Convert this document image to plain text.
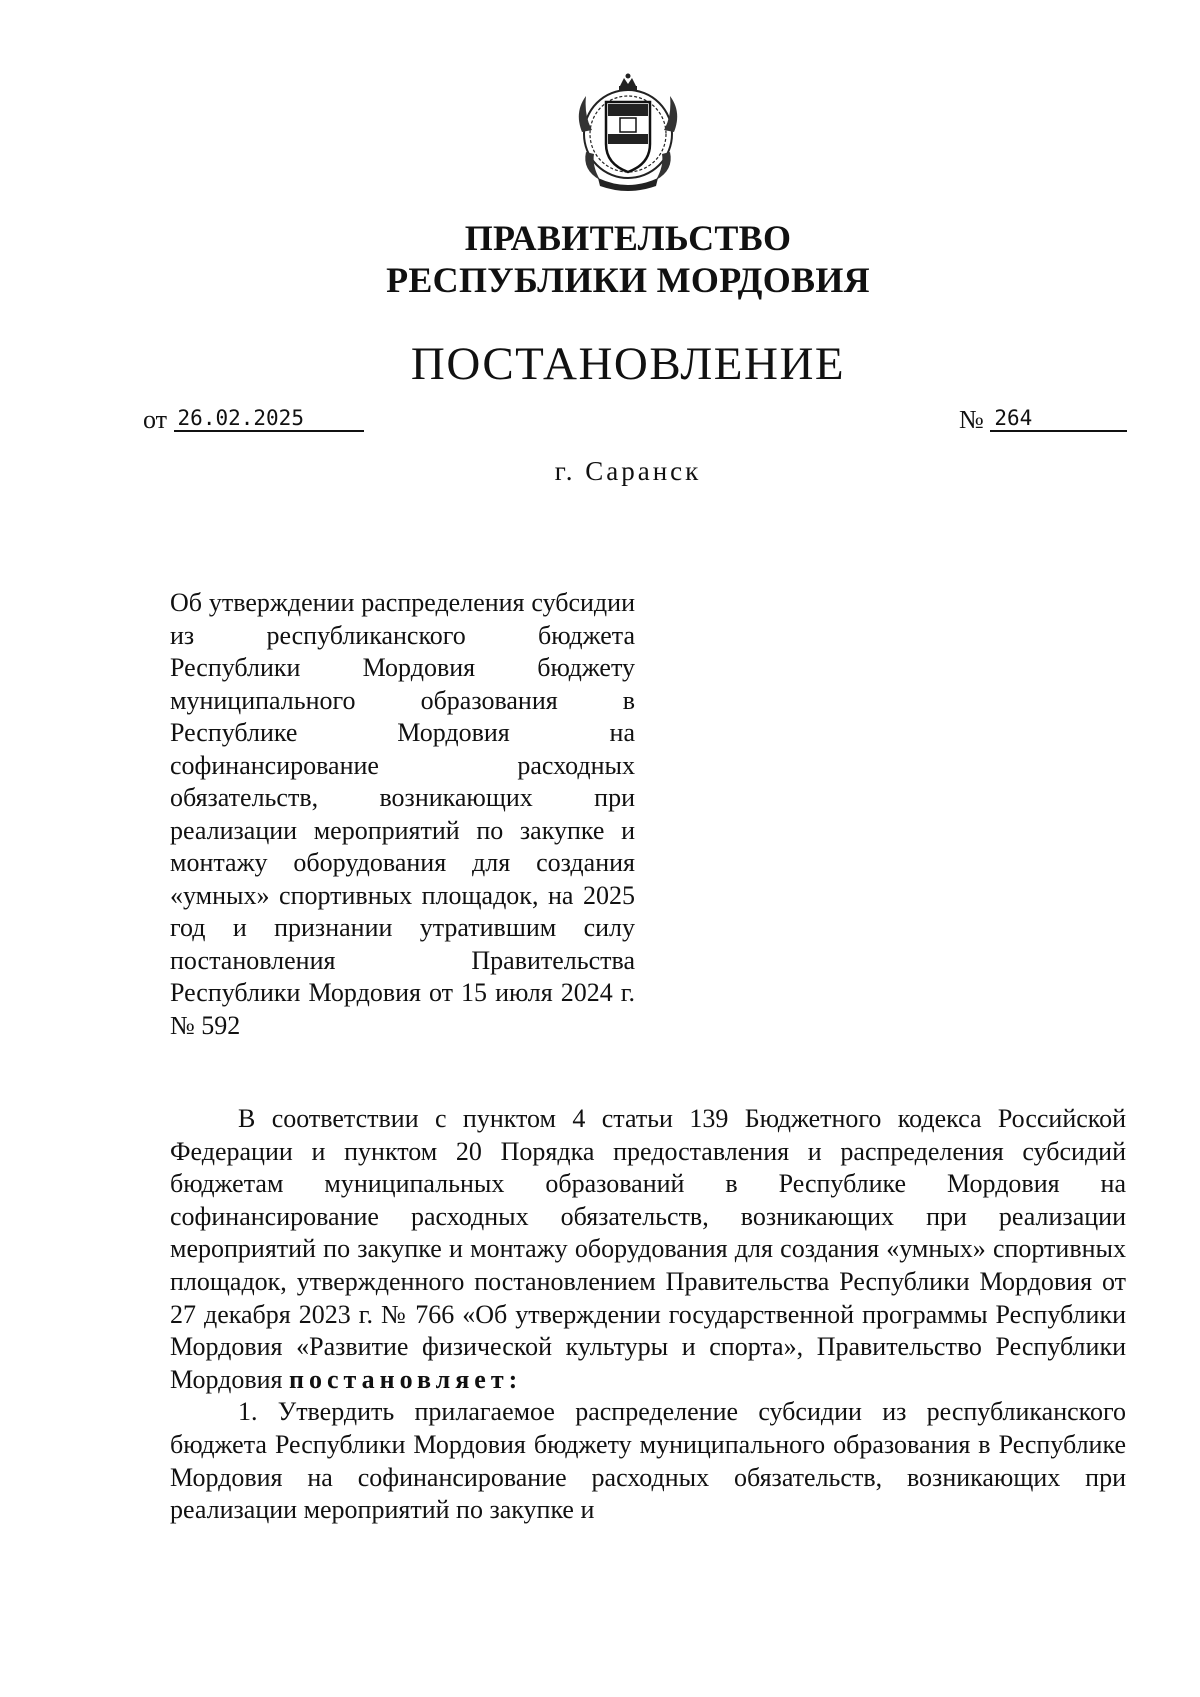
ПРАВИТЕЛЬСТВО
РЕСПУБЛИКИ МОРДОВИЯ
ПОСТАНОВЛЕНИЕ
от 26.02.2025	№ 264
г. Саранск
Об утверждении распределения субсидии из республиканского бюджета Республики Мордовия бюджету муниципального образования в Республике Мордовия на софинансирование расходных обязательств, возникающих при реализации мероприятий по закупке и монтажу оборудования для создания «умных» спортивных площадок, на 2025 год и признании утратившим силу постановления Правительства Республики Мордовия от 15 июля 2024 г. № 592

В соответствии с пунктом 4 статьи 139 Бюджетного кодекса Российской Федерации и пунктом 20 Порядка предоставления и распределения субсидий бюджетам муниципальных образований в Республике Мордовия на софинансирование расходных обязательств, возникающих при реализации мероприятий по закупке и монтажу оборудования для создания «умных» спортивных площадок, утвержденного постановлением Правительства Республики Мордовия от 27 декабря 2023 г. № 766 «Об утверждении государственной программы Республики Мордовия «Развитие физической культуры и спорта», Правительство Республики Мордовия постановляет:

1. Утвердить прилагаемое распределение субсидии из республиканского бюджета Республики Мордовия бюджету муниципального образования в Республике Мордовия на софинансирование расходных обязательств, возникающих при реализации мероприятий по закупке и
